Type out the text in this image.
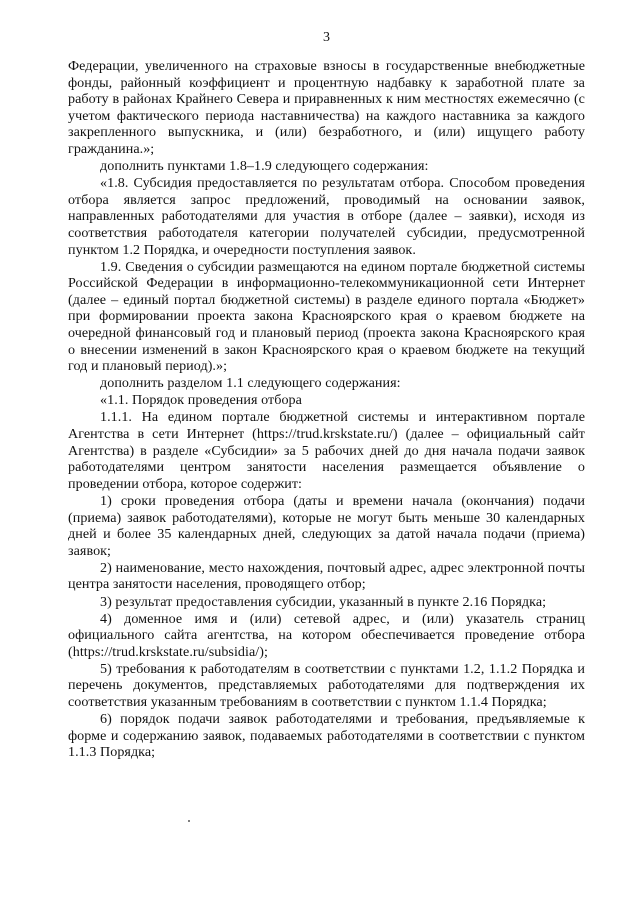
3

Федерации, увеличенного на страховые взносы в государственные внебюджетные фонды, районный коэффициент и процентную надбавку к заработной плате за работу в районах Крайнего Севера и приравненных к ним местностях ежемесячно (с учетом фактического периода наставничества) на каждого наставника за каждого закрепленного выпускника, и (или) безработного, и (или) ищущего работу гражданина.»;

дополнить пунктами 1.8–1.9 следующего содержания:

«1.8. Субсидия предоставляется по результатам отбора. Способом проведения отбора является запрос предложений, проводимый на основании заявок, направленных работодателями для участия в отборе (далее – заявки), исходя из соответствия работодателя категории получателей субсидии, предусмотренной пунктом 1.2 Порядка, и очередности поступления заявок.

1.9. Сведения о субсидии размещаются на едином портале бюджетной системы Российской Федерации в информационно-телекоммуникационной сети Интернет (далее – единый портал бюджетной системы) в разделе единого портала «Бюджет» при формировании проекта закона Красноярского края о краевом бюджете на очередной финансовый год и плановый период (проекта закона Красноярского края о внесении изменений в закон Красноярского края о краевом бюджете на текущий год и плановый период).»;

дополнить разделом 1.1 следующего содержания:

«1.1. Порядок проведения отбора

1.1.1. На едином портале бюджетной системы и интерактивном портале Агентства в сети Интернет (https://trud.krskstate.ru/) (далее – официальный сайт Агентства) в разделе «Субсидии» за 5 рабочих дней до дня начала подачи заявок работодателями центром занятости населения размещается объявление о проведении отбора, которое содержит:

1) сроки проведения отбора (даты и времени начала (окончания) подачи (приема) заявок работодателями), которые не могут быть меньше 30 календарных дней и более 35 календарных дней, следующих за датой начала подачи (приема) заявок;

2) наименование, место нахождения, почтовый адрес, адрес электронной почты центра занятости населения, проводящего отбор;

3) результат предоставления субсидии, указанный в пункте 2.16 Порядка;

4) доменное имя и (или) сетевой адрес, и (или) указатель страниц официального сайта агентства, на котором обеспечивается проведение отбора (https://trud.krskstate.ru/subsidia/);

5) требования к работодателям в соответствии с пунктами 1.2, 1.1.2 Порядка и перечень документов, представляемых работодателями для подтверждения их соответствия указанным требованиям в соответствии с пунктом 1.1.4 Порядка;

6) порядок подачи заявок работодателями и требования, предъявляемые к форме и содержанию заявок, подаваемых работодателями в соответствии с пунктом 1.1.3 Порядка;
